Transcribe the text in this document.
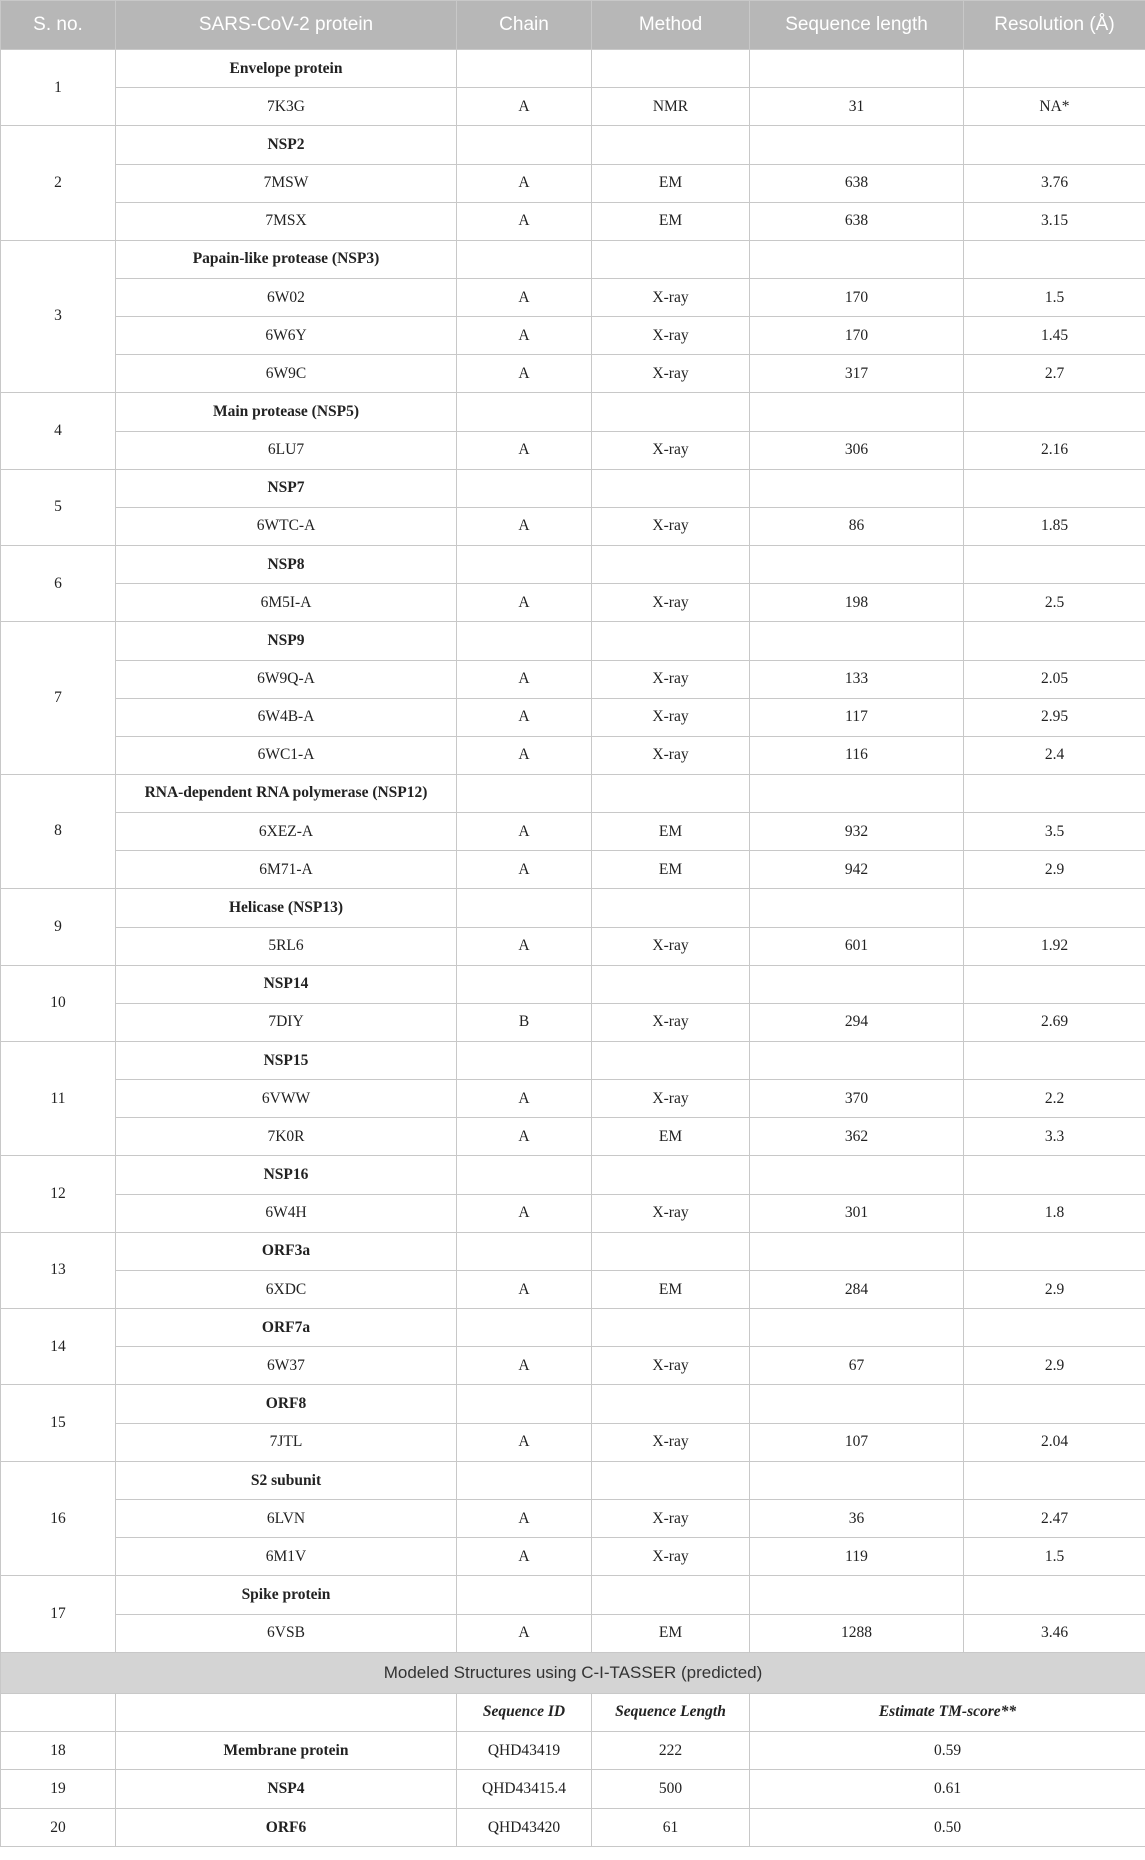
S. no.	SARS-CoV-2 protein	Chain	Method	Sequence length	Resolution (Å)
1	Envelope protein				
	7K3G	A	NMR	31	NA*
2	NSP2				
	7MSW	A	EM	638	3.76
	7MSX	A	EM	638	3.15
3	Papain-like protease (NSP3)				
	6W02	A	X-ray	170	1.5
	6W6Y	A	X-ray	170	1.45
	6W9C	A	X-ray	317	2.7
4	Main protease (NSP5)				
	6LU7	A	X-ray	306	2.16
5	NSP7				
	6WTC-A	A	X-ray	86	1.85
6	NSP8				
	6M5I-A	A	X-ray	198	2.5
7	NSP9				
	6W9Q-A	A	X-ray	133	2.05
	6W4B-A	A	X-ray	117	2.95
	6WC1-A	A	X-ray	116	2.4
8	RNA-dependent RNA polymerase (NSP12)				
	6XEZ-A	A	EM	932	3.5
	6M71-A	A	EM	942	2.9
9	Helicase (NSP13)				
	5RL6	A	X-ray	601	1.92
10	NSP14				
	7DIY	B	X-ray	294	2.69
11	NSP15				
	6VWW	A	X-ray	370	2.2
	7K0R	A	EM	362	3.3
12	NSP16				
	6W4H	A	X-ray	301	1.8
13	ORF3a				
	6XDC	A	EM	284	2.9
14	ORF7a				
	6W37	A	X-ray	67	2.9
15	ORF8				
	7JTL	A	X-ray	107	2.04
16	S2 subunit				
	6LVN	A	X-ray	36	2.47
	6M1V	A	X-ray	119	1.5
17	Spike protein				
	6VSB	A	EM	1288	3.46
Modeled Structures using C-I-TASSER (predicted)					
		Sequence ID	Sequence Length	Estimate TM-score**	
18	Membrane protein	QHD43419	222	0.59	
19	NSP4	QHD43415.4	500	0.61	
20	ORF6	QHD43420	61	0.50	
